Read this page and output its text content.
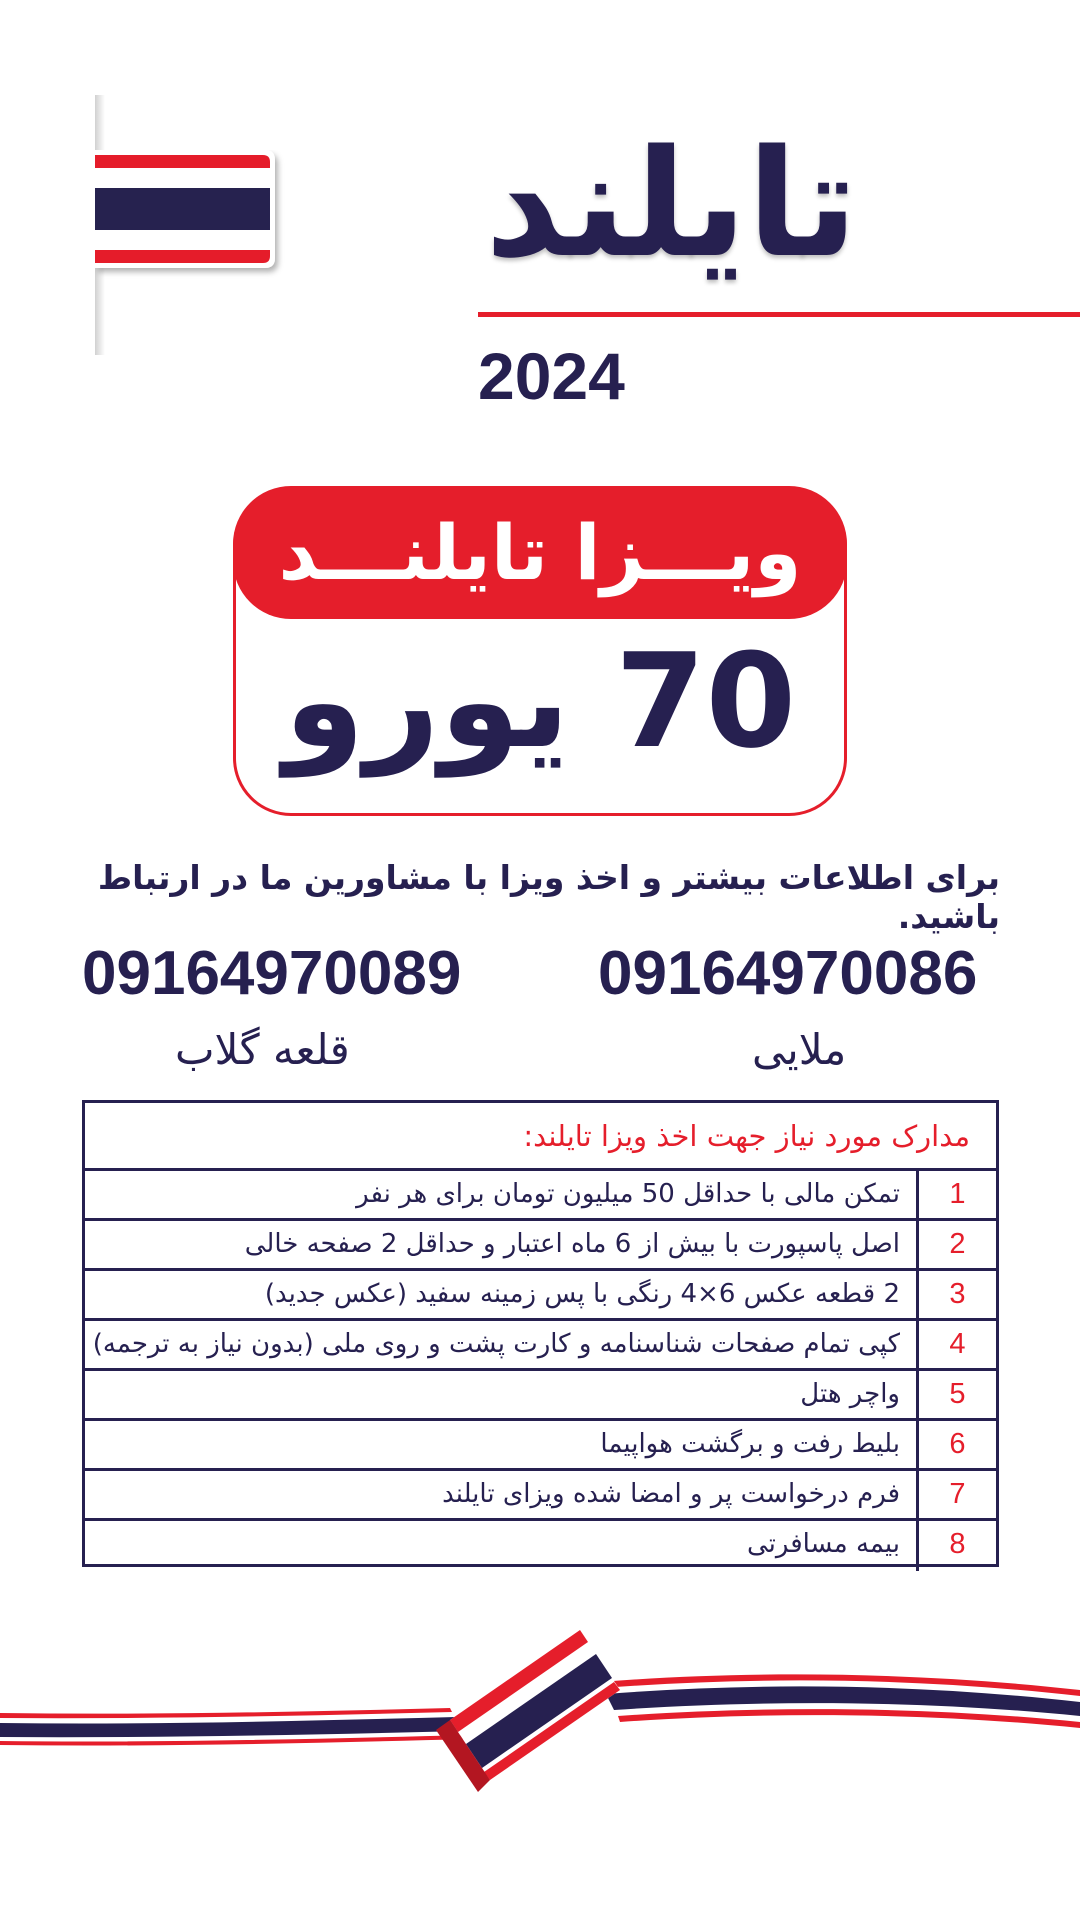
تایلند
2024
ویـــزا تایلنـــد
70 یورو
برای اطلاعات بیشتر و اخذ ویزا با مشاورین ما در ارتباط باشید.
09164970086
09164970089
ملایی
قلعه گلاب
مدارک مورد نیاز جهت اخذ ویزا تایلند:
1
تمکن مالی با حداقل 50 میلیون تومان برای هر نفر
2
اصل پاسپورت با بیش از 6 ماه اعتبار و حداقل 2 صفحه خالی
3
2 قطعه عکس 6×4 رنگی با پس زمینه سفید (عکس جدید)
4
کپی تمام صفحات شناسنامه و کارت پشت و روی ملی (بدون نیاز به ترجمه)
5
واچر هتل
6
بلیط رفت و برگشت هواپیما
7
فرم درخواست پر و امضا شده ویزای تایلند
8
بیمه مسافرتی
